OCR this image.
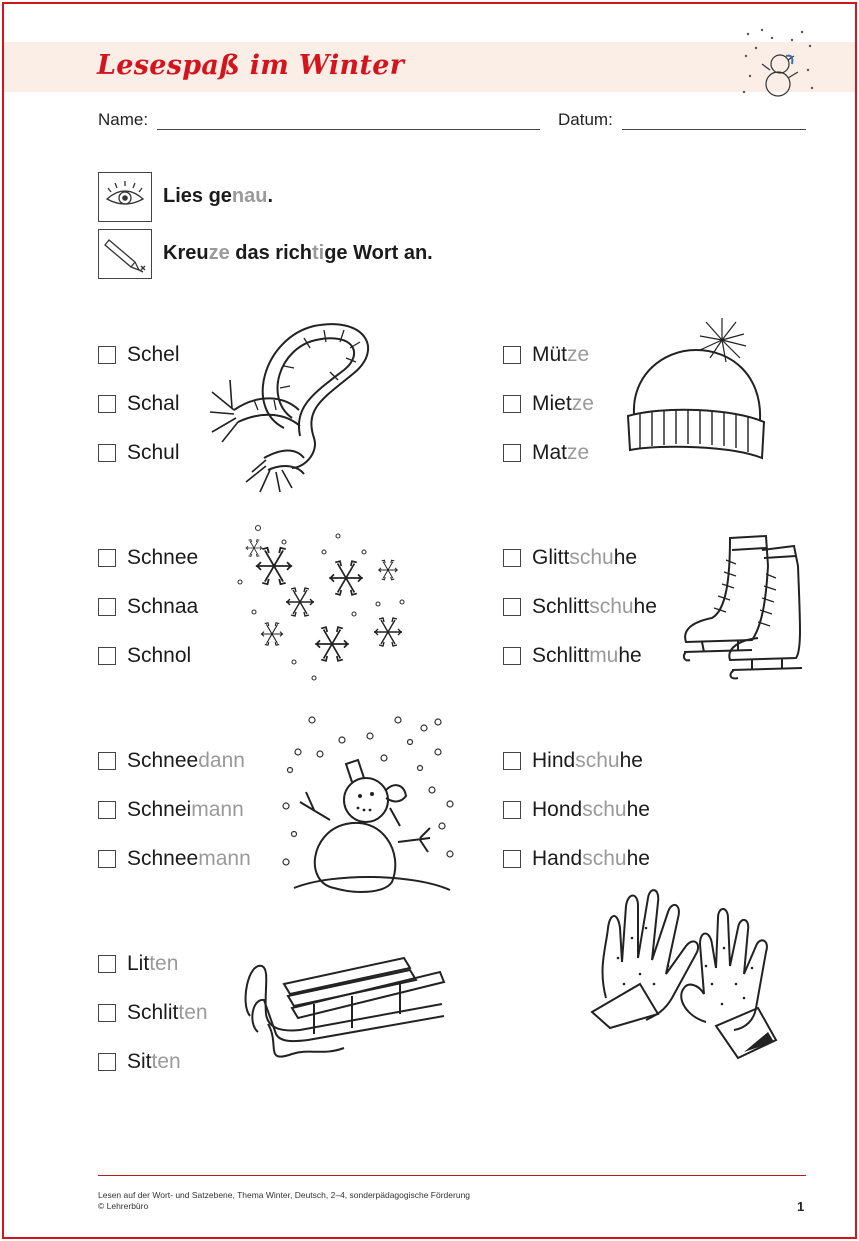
Lesespaß im Winter
Name:	Datum:
Lies genau.
Kreuze das richtige Wort an.
Schel
Schal
Schul
Mütze
Mietze
Matze
Schnee
Schnaa
Schnol
Glittschuhe
Schlittschuhe
Schlittmuhe
Schneedann
Schneimann
Schneemann
Hindschuhe
Hondschuhe
Handschuhe
Litten
Schlitten
Sitten
Lesen auf der Wort- und Satzebene, Thema Winter, Deutsch, 2–4, sonderpädagogische Förderung
© Lehrerbüro	1
